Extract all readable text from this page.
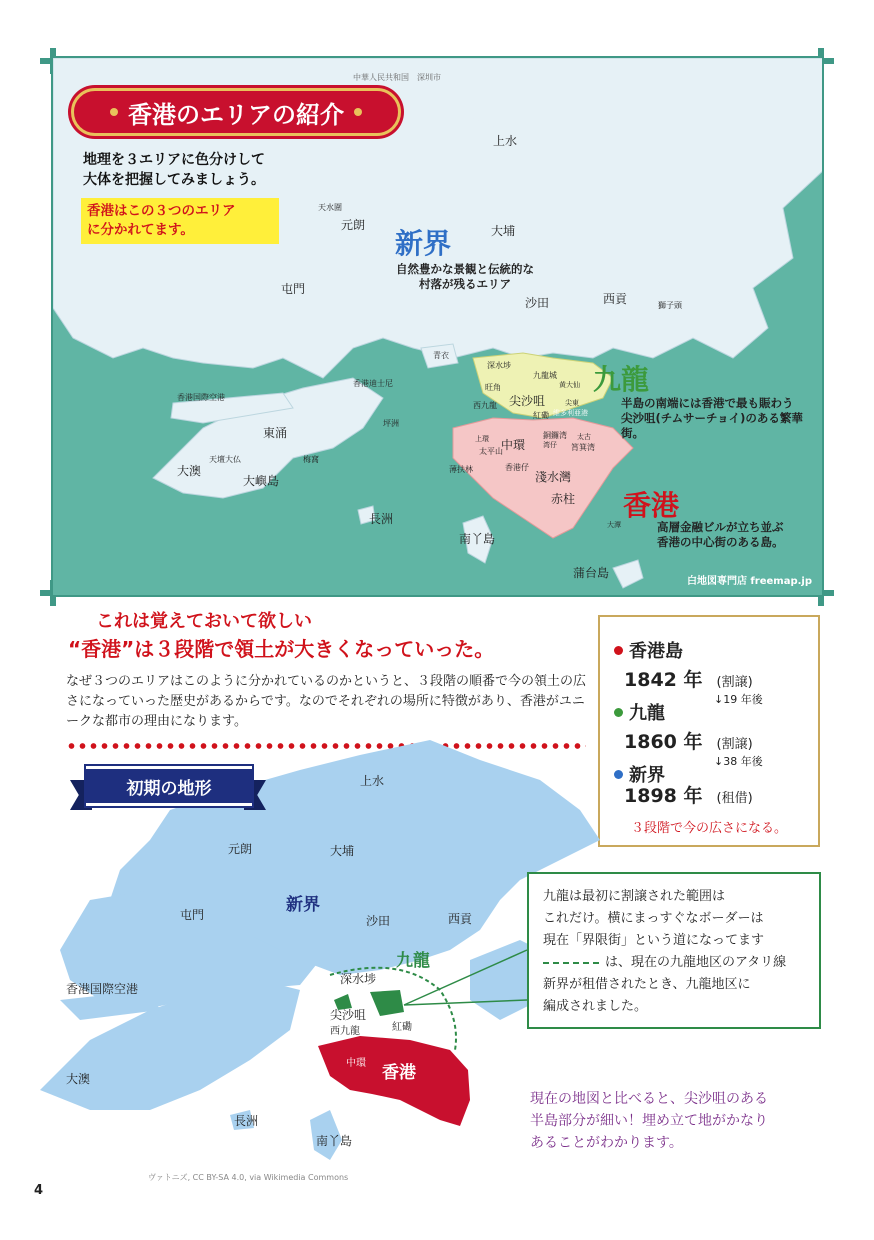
香港のエリアの紹介
地理を３エリアに色分けして
大体を把握してみましょう。
香港はこの３つのエリア
に分かれてます。
中華人民共和国　深圳市
新界
自然豊かな景観と伝統的な
村落が残るエリア
九龍
半島の南端には香港で最も賑わう
尖沙咀(チムサーチョイ)のある繁華街。
香港
高層金融ビルが立ち並ぶ
香港の中心街のある島。
上水
天水圍
元朗	大埔
屯門
沙田	西貢	獅子頭
青衣
香港国際空港
香港迪士尼
東涌
坪洲
天壇大仏	梅窩
大澳
大嶼島
長洲
南丫島
蒲台島
深水埗
九龍城
黄大仙
旺角
尖沙咀
西九龍
紅磡
尖東
維多利亜港
中環
銅鑼湾
湾仔
上環	太古
筲箕湾
太平山
香港仔
薄扶林
淺水灣
赤柱
大潭
白地図専門店 freemap.jp
これは覚えておいて欲しい
“香港”は３段階で領土が大きくなっていった。
なぜ３つのエリアはこのように分かれているのかというと、３段階の順番で今の領土の広さになっていった歴史があるからです。なのでそれぞれの場所に特徴があり、香港がユニークな都市の理由になります。
香港島
1842 年 (割譲)
↓19 年後
九龍
1860 年 (割譲)
↓38 年後
新界
1898 年 (租借)
３段階で今の広さになる。
初期の地形	上水
元朗	大埔
新界
屯門	沙田	西貢
九龍
深水埗
香港国際空港
尖沙咀
西九龍	紅磡
中環 香港
大澳
長洲
南丫島
九龍は最初に割譲された範囲は
これだけ。横にまっすぐなボーダーは
現在「界限街」という道になってます
は、現在の九龍地区のアタリ線
新界が租借されたとき、九龍地区に
編成されました。
現在の地図と比べると、尖沙咀のある
半島部分が細い！埋め立て地がかなり
あることがわかります。
ヴァトニズ, CC BY-SA 4.0, via Wikimedia Commons
4
